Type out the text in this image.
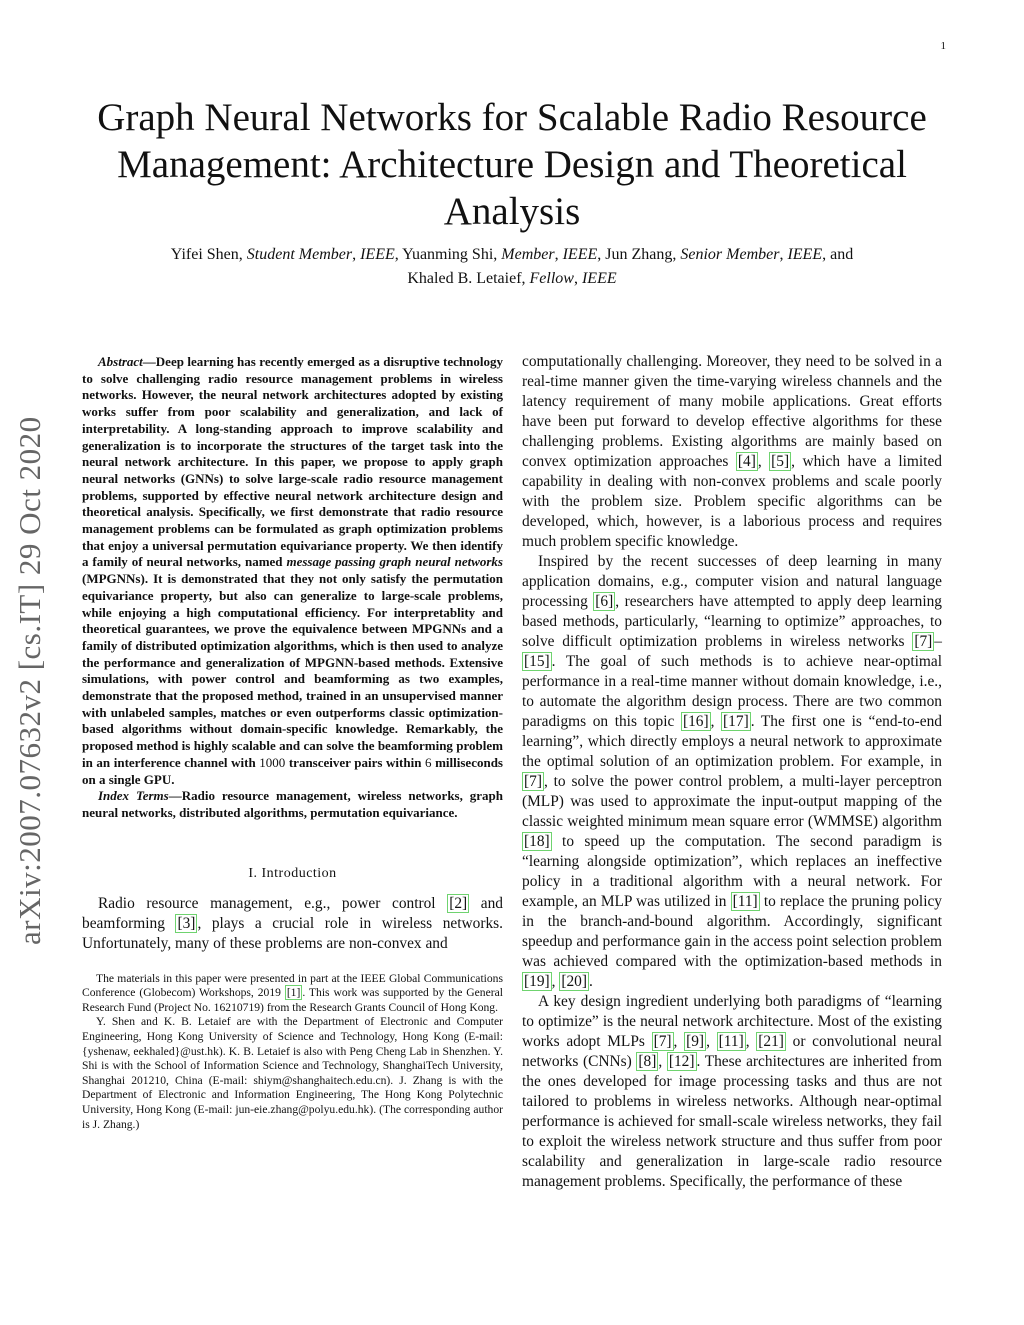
1
arXiv:2007.07632v2 [cs.IT] 29 Oct 2020
Graph Neural Networks for Scalable Radio Resource Management: Architecture Design and Theoretical Analysis
Yifei Shen, Student Member, IEEE, Yuanming Shi, Member, IEEE, Jun Zhang, Senior Member, IEEE, and
Khaled B. Letaief, Fellow, IEEE

Abstract—Deep learning has recently emerged as a disruptive technology to solve challenging radio resource management problems in wireless networks. However, the neural network architectures adopted by existing works suffer from poor scalability and generalization, and lack of interpretability. A long-standing approach to improve scalability and generalization is to incorporate the structures of the target task into the neural network architecture. In this paper, we propose to apply graph neural networks (GNNs) to solve large-scale radio resource management problems, supported by effective neural network architecture design and theoretical analysis. Specifically, we first demonstrate that radio resource management problems can be formulated as graph optimization problems that enjoy a universal permutation equivariance property. We then identify a family of neural networks, named message passing graph neural networks (MPGNNs). It is demonstrated that they not only satisfy the permutation equivariance property, but also can generalize to large-scale problems, while enjoying a high computational efficiency. For interpretablity and theoretical guarantees, we prove the equivalence between MPGNNs and a family of distributed optimization algorithms, which is then used to analyze the performance and generalization of MPGNN-based methods. Extensive simulations, with power control and beamforming as two examples, demonstrate that the proposed method, trained in an unsupervised manner with unlabeled samples, matches or even outperforms classic optimization-based algorithms without domain-specific knowledge. Remarkably, the proposed method is highly scalable and can solve the beamforming problem in an interference channel with 1000 transceiver pairs within 6 milliseconds on a single GPU.

Index Terms—Radio resource management, wireless networks, graph neural networks, distributed algorithms, permutation equivariance.

I. Introduction

Radio resource management, e.g., power control [2] and beamforming [3] , plays a crucial role in wireless networks. Unfortunately, many of these problems are non-convex and

The materials in this paper were presented in part at the IEEE Global Communications Conference (Globecom) Workshops, 2019 [1] . This work was supported by the General Research Fund (Project No. 16210719) from the Research Grants Council of Hong Kong.

Y. Shen and K. B. Letaief are with the Department of Electronic and Computer Engineering, Hong Kong University of Science and Technology, Hong Kong (E-mail: {yshenaw, eekhaled}@ust.hk). K. B. Letaief is also with Peng Cheng Lab in Shenzhen. Y. Shi is with the School of Information Science and Technology, ShanghaiTech University, Shanghai 201210, China (E-mail: shiym@shanghaitech.edu.cn). J. Zhang is with the Department of Electronic and Information Engineering, The Hong Kong Polytechnic University, Hong Kong (E-mail: jun-eie.zhang@polyu.edu.hk). (The corresponding author is J. Zhang.)

computationally challenging. Moreover, they need to be solved in a real-time manner given the time-varying wireless channels and the latency requirement of many mobile applications. Great efforts have been put forward to develop effective algorithms for these challenging problems. Existing algorithms are mainly based on convex optimization approaches [4] , [5] , which have a limited capability in dealing with non-convex problems and scale poorly with the problem size. Problem specific algorithms can be developed, which, however, is a laborious process and requires much problem specific knowledge.

Inspired by the recent successes of deep learning in many application domains, e.g., computer vision and natural language processing [6] , researchers have attempted to apply deep learning based methods, particularly, “learning to optimize” approaches, to solve difficult optimization problems in wireless networks [7] –[15] . The goal of such methods is to achieve near-optimal performance in a real-time manner without domain knowledge, i.e., to automate the algorithm design process. There are two common paradigms on this topic [16] , [17] . The first one is “end-to-end learning”, which directly employs a neural network to approximate the optimal solution of an optimization problem. For example, in [7] , to solve the power control problem, a multi-layer perceptron (MLP) was used to approximate the input-output mapping of the classic weighted minimum mean square error (WMMSE) algorithm [18] to speed up the computation. The second paradigm is “learning alongside optimization”, which replaces an ineffective policy in a traditional algorithm with a neural network. For example, an MLP was utilized in [11] to replace the pruning policy in the branch-and-bound algorithm. Accordingly, significant speedup and performance gain in the access point selection problem was achieved compared with the optimization-based methods in [19] , [20] .

A key design ingredient underlying both paradigms of “learning to optimize” is the neural network architecture. Most of the existing works adopt MLPs [7] , [9] , [11] , [21] or convolutional neural networks (CNNs) [8] , [12] . These architectures are inherited from the ones developed for image processing tasks and thus are not tailored to problems in wireless networks. Although near-optimal performance is achieved for small-scale wireless networks, they fail to exploit the wireless network structure and thus suffer from poor scalability and generalization in large-scale radio resource management problems. Specifically, the performance of these
